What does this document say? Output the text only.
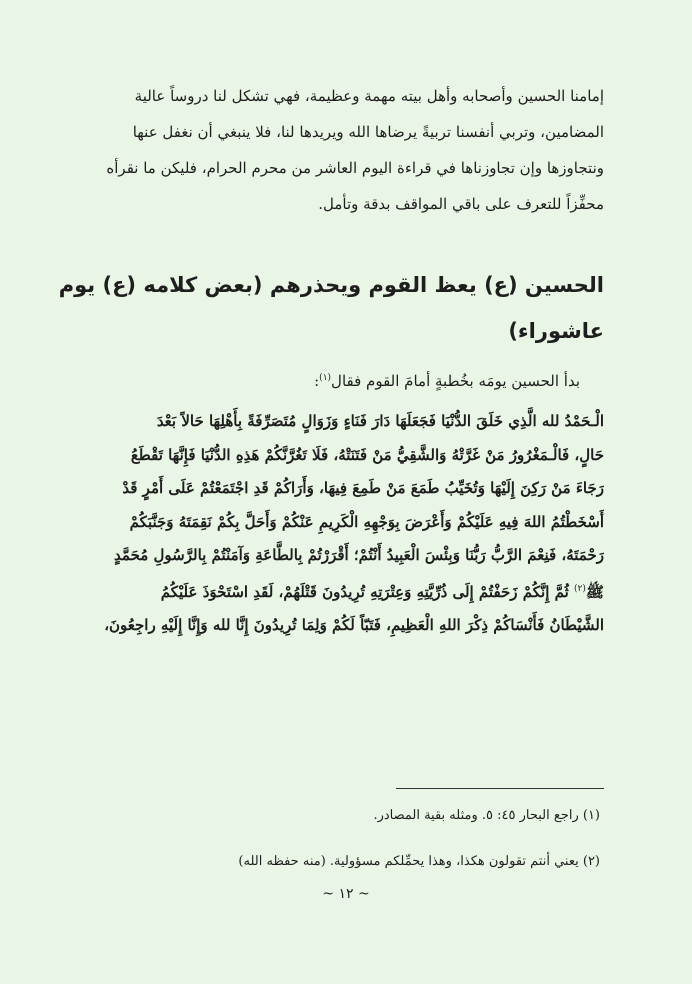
إمامنا الحسين وأصحابه وأهل بيته مهمة وعظيمة، فهي تشكل لنا دروساً عالية
المضامين، وتربي أنفسنا تربيةً يرضاها الله ويريدها لنا، فلا ينبغي أن نغفل عنها
ونتجاوزها وإن تجاوزناها في قراءة اليوم العاشر من محرم الحرام، فليكن ما نقرأه
محفِّزاً للتعرف على باقي المواقف بدقة وتأمل.

الحسين (ع) يعظ القوم ويحذرهم (بعض كلامه (ع) يوم
عاشوراء)

بدأ الحسين يومَه بخُطبةٍ أمامَ القوم فقال$^{(١)}$:

الْـحَمْدُ لله الَّذِي خَلَقَ الدُّنْيَا فَجَعَلَهَا دَارَ فَنَاءٍ وَزَوَالٍ مُتَصَرِّفَةً بِأَهْلِهَا حَالاً بَعْدَ
حَالٍ، فَالْـمَغْرُورُ مَنْ غَرَّتْهُ وَالشَّقِيُّ مَنْ فَتَنَتْهُ، فَلَا تَغُرَّنَّكُمْ هَذِهِ الدُّنْيَا فَإِنَّهَا تَقْطَعُ
رَجَاءَ مَنْ رَكِنَ إِلَيْهَا وَتُخَيِّبُ طَمَعَ مَنْ طَمِعَ فِيهَا، وَأَرَاكُمْ قَدِ اجْتَمَعْتُمْ عَلَى أَمْرٍ قَدْ
أَسْخَطْتُمُ اللهَ فِيهِ عَلَيْكُمْ وَأَعْرَضَ بِوَجْهِهِ الْكَرِيمِ عَنْكُمْ وَأَحَلَّ بِكُمْ نَقِمَتَهُ وَجَنَّبَكُمْ
رَحْمَتَهُ، فَنِعْمَ الرَّبُّ رَبُّنَا وَبِئْسَ الْعَبِيدُ أَنْتُمْ؛ أَقْرَرْتُمْ بِالطَّاعَةِ وَآمَنْتُمْ بِالرَّسُولِ مُحَمَّدٍ
ﷺ$^{(٢)}$ ثُمَّ إِنَّكُمْ زَحَفْتُمْ إِلَى ذُرِّيَّتِهِ وَعِتْرَتِهِ تُرِيدُونَ قَتْلَهُمْ، لَقَدِ اسْتَحْوَذَ عَلَيْكُمُ
الشَّيْطَانُ فَأَنْسَاكُمْ ذِكْرَ اللهِ الْعَظِيمِ، فَتَبّاً لَكُمْ وَلِمَا تُرِيدُونَ إِنَّا لله وَإِنَّا إِلَيْهِ راجِعُونَ،

(١) راجع البحار ٤٥: ٥. ومثله بقية المصادر.

(٢) يعني أنتم تقولون هكذا، وهذا يحمِّلكم مسؤولية. (منه حفظه الله)

~ ١٢ ~
